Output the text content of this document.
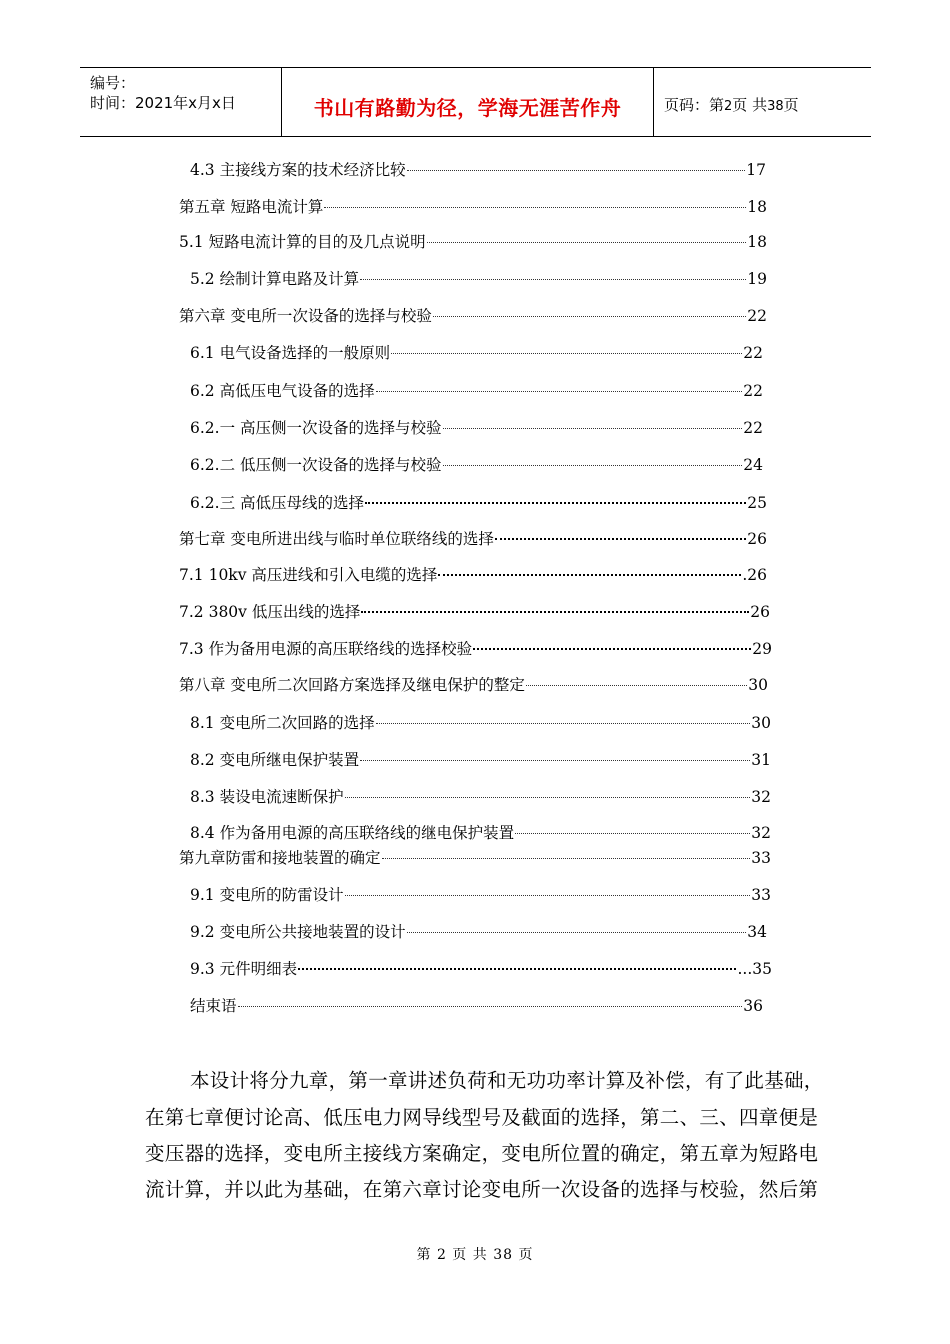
编号：
时间：2021年x月x日	书山有路勤为径，学海无涯苦作舟	页码：第2页 共38页
4.3 主接线方案的技术经济比较	17
第五章 短路电流计算	18
5.1 短路电流计算的目的及几点说明	18
5.2 绘制计算电路及计算	19
第六章 变电所一次设备的选择与校验	22
6.1 电气设备选择的一般原则	22
6.2 高低压电气设备的选择	22
6.2.一 高压侧一次设备的选择与校验	22
6.2.二 低压侧一次设备的选择与校验	24
6.2.三 高低压母线的选择	25
第七章 变电所进出线与临时单位联络线的选择	26
7.1 10kv 高压进线和引入电缆的选择	.26
7.2 380v 低压出线的选择	26
7.3 作为备用电源的高压联络线的选择校验	29
第八章 变电所二次回路方案选择及继电保护的整定	30
8.1 变电所二次回路的选择	30
8.2 变电所继电保护装置	31
8.3 装设电流速断保护	32
8.4 作为备用电源的高压联络线的继电保护装置	32
第九章防雷和接地装置的确定	33
9.1 变电所的防雷设计	33
9.2 变电所公共接地装置的设计	34
9.3 元件明细表	...35
结束语	36
本设计将分九章，第一章讲述负荷和无功功率计算及补偿，有了此基础，
在第七章便讨论高、低压电力网导线型号及截面的选择，第二、三、四章便是
变压器的选择，变电所主接线方案确定，变电所位置的确定，第五章为短路电
流计算，并以此为基础，在第六章讨论变电所一次设备的选择与校验，然后第
第 2 页 共 38 页
